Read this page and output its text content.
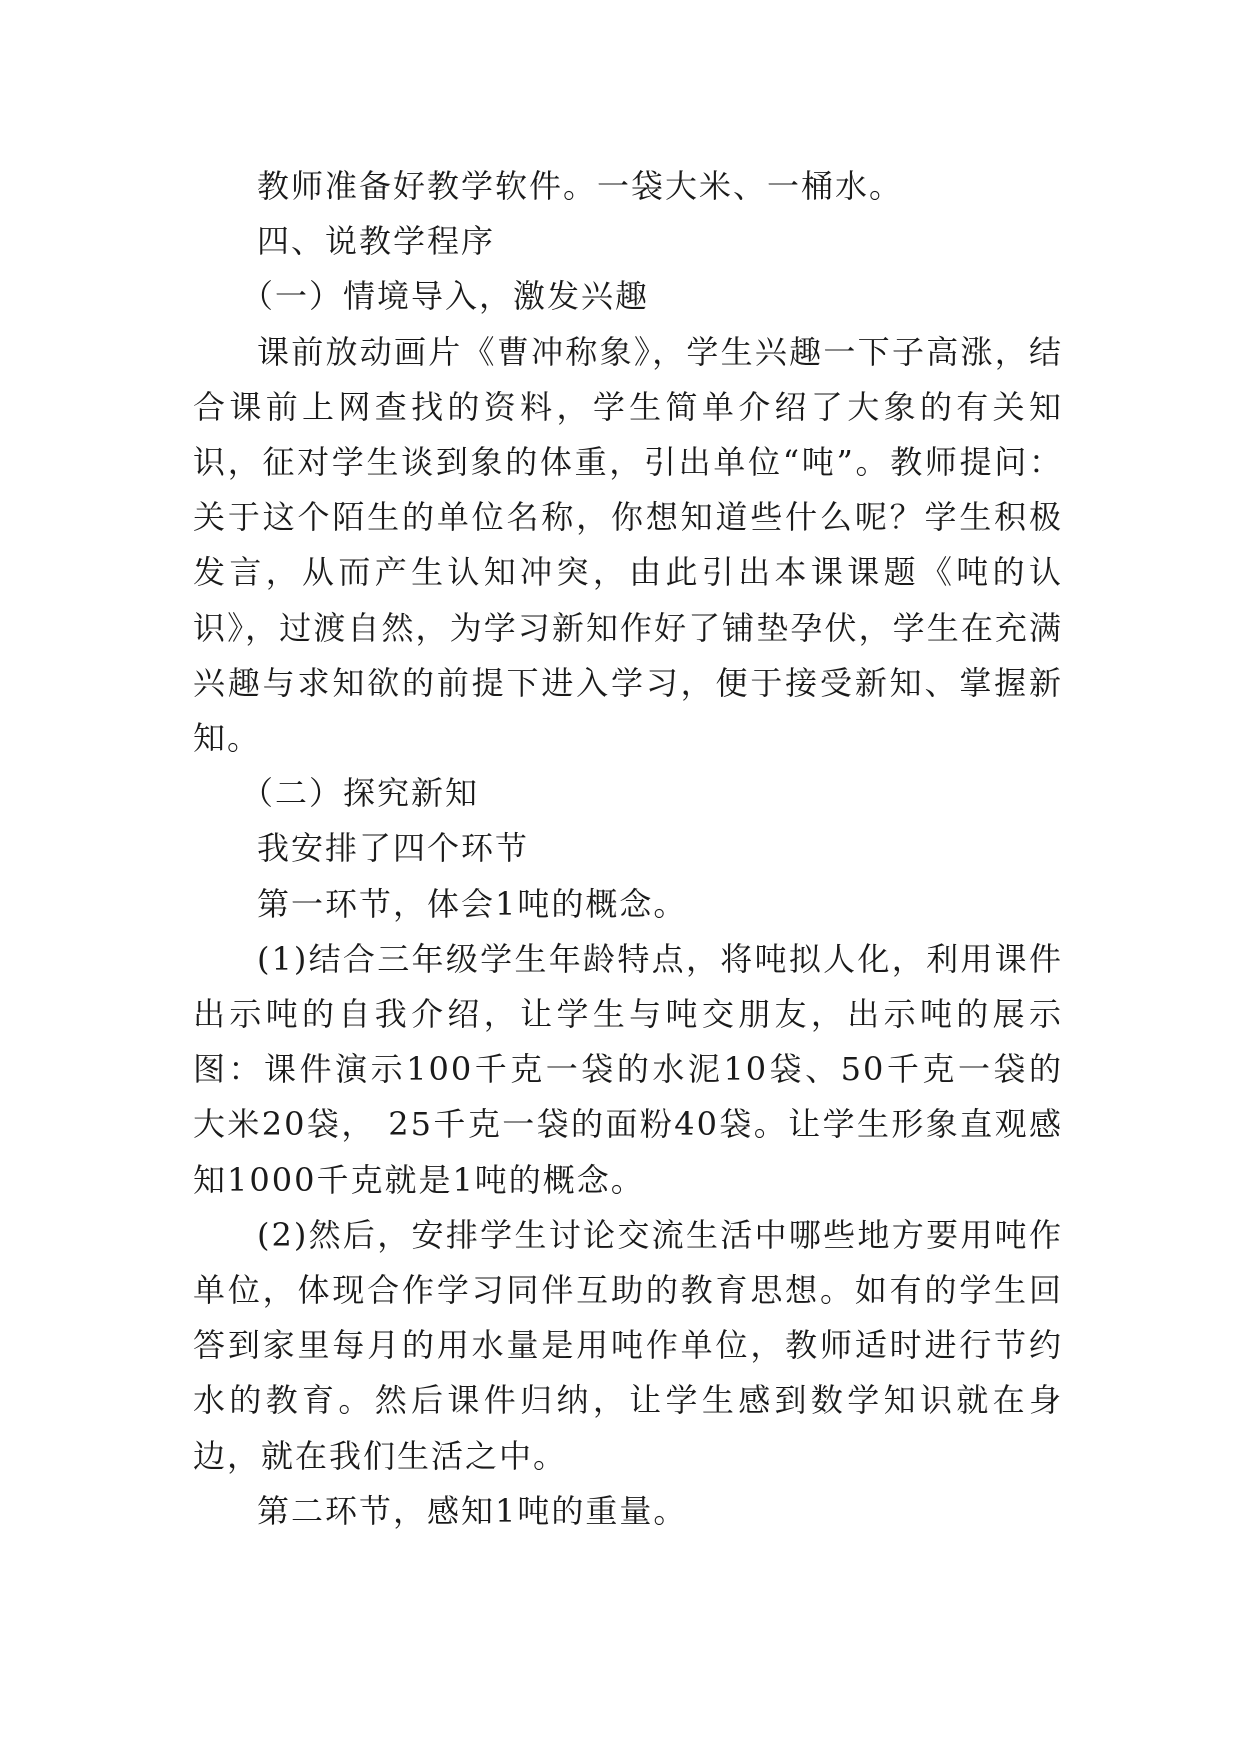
教师准备好教学软件。一袋大米、一桶水。

四、说教学程序

（一）情境导入，激发兴趣

课前放动画片《曹冲称象》，学生兴趣一下子高涨，结合课前上网查找的资料，学生简单介绍了大象的有关知识，征对学生谈到象的体重，引出单位“吨”。教师提问：关于这个陌生的单位名称，你想知道些什么呢？学生积极发言，从而产生认知冲突，由此引出本课课题《吨的认识》，过渡自然，为学习新知作好了铺垫孕伏，学生在充满兴趣与求知欲的前提下进入学习，便于接受新知、掌握新知。

（二）探究新知

我安排了四个环节

第一环节，体会1吨的概念。

(1)结合三年级学生年龄特点，将吨拟人化，利用课件出示吨的自我介绍，让学生与吨交朋友，出示吨的展示图：课件演示100千克一袋的水泥10袋、50千克一袋的大米20袋， 25千克一袋的面粉40袋。让学生形象直观感知1000千克就是1吨的概念。

(2)然后，安排学生讨论交流生活中哪些地方要用吨作单位，体现合作学习同伴互助的教育思想。如有的学生回答到家里每月的用水量是用吨作单位，教师适时进行节约水的教育。然后课件归纳，让学生感到数学知识就在身边，就在我们生活之中。

第二环节，感知1吨的重量。
